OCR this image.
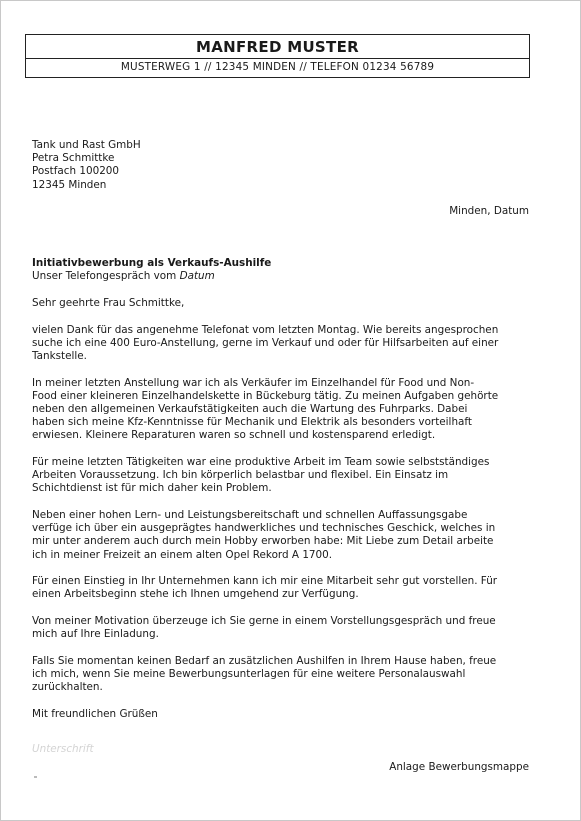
MANFRED MUSTER
MUSTERWEG 1 // 12345 MINDEN // TELEFON 01234 56789
Tank und Rast GmbH
Petra Schmittke
Postfach 100200
12345 Minden
Minden, Datum
Initiativbewerbung als Verkaufs-Aushilfe
Unser Telefongespräch vom Datum
Sehr geehrte Frau Schmittke,

vielen Dank für das angenehme Telefonat vom letzten Montag. Wie bereits angesprochen
suche ich eine 400 Euro-Anstellung, gerne im Verkauf und oder für Hilfsarbeiten auf einer
Tankstelle.

In meiner letzten Anstellung war ich als Verkäufer im Einzelhandel für Food und Non-
Food einer kleineren Einzelhandelskette in Bückeburg tätig. Zu meinen Aufgaben gehörte
neben den allgemeinen Verkaufstätigkeiten auch die Wartung des Fuhrparks. Dabei
haben sich meine Kfz-Kenntnisse für Mechanik und Elektrik als besonders vorteilhaft
erwiesen. Kleinere Reparaturen waren so schnell und kostensparend erledigt.

Für meine letzten Tätigkeiten war eine produktive Arbeit im Team sowie selbstständiges
Arbeiten Voraussetzung. Ich bin körperlich belastbar und flexibel. Ein Einsatz im
Schichtdienst ist für mich daher kein Problem.

Neben einer hohen Lern- und Leistungsbereitschaft und schnellen Auffassungsgabe
verfüge ich über ein ausgeprägtes handwerkliches und technisches Geschick, welches in
mir unter anderem auch durch mein Hobby erworben habe: Mit Liebe zum Detail arbeite
ich in meiner Freizeit an einem alten Opel Rekord A 1700.

Für einen Einstieg in Ihr Unternehmen kann ich mir eine Mitarbeit sehr gut vorstellen. Für
einen Arbeitsbeginn stehe ich Ihnen umgehend zur Verfügung.

Von meiner Motivation überzeuge ich Sie gerne in einem Vorstellungsgespräch und freue
mich auf Ihre Einladung.

Falls Sie momentan keinen Bedarf an zusätzlichen Aushilfen in Ihrem Hause haben, freue
ich mich, wenn Sie meine Bewerbungsunterlagen für eine weitere Personalauswahl
zurückhalten.

Mit freundlichen Grüßen
Unterschrift
Anlage Bewerbungsmappe
